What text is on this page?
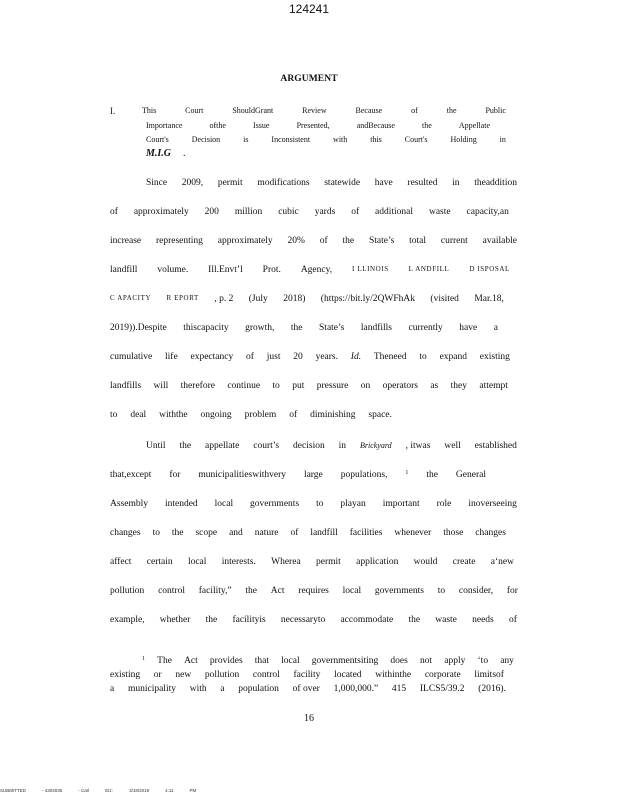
124241
ARGUMENT
I.	This	Court	ShouldGrant	Review	Because	of	the	Public
Importance	ofthe	Issue	Presented,	andBecause	the	Appellate
Court's	Decision	is	Inconsistent	with	this	Court's	Holding	in
M.I.G .
Since 2009, permit modifications statewide have resulted in theaddition
of approximately 200 million cubic yards of additional waste capacity,an
increase representing approximately 20% of the State’s total current available
landfill volume. Ill.Envt’l Prot. Agency,	I LLINOIS	L ANDFILL	D ISPOSAL
C APACITY R EPORT , p. 2 (July 2018) (https://bit.ly/2QWFhAk (visited Mar.18,
2019)).Despite thiscapacity growth, the State’s landfills currently have a
cumulative life expectancy of just 20 years. Id. Theneed to expand existing
landfills will therefore continue to put pressure on operators as they attempt
to deal withthe ongoing problem of diminishing space.
Until the appellate court’s decision in Brickyard , itwas well established
that,except for municipalitieswithvery large populations,	1 the General
Assembly intended local governments to playan important role inoverseeing
changes to the scope and nature of landfill facilities whenever those changes
affect certain local interests. Wherea permit application would create a‘new
pollution control facility,” the Act requires local governments to consider, for
example, whether the facilityis necessaryto accommodate the waste needs of
1 The Act provides that local governmentsiting does not apply ‘to any
existing or new pollution control facility located withinthe corporate limitsof
a municipality with a population of over 1,000,000.” 415 ILCS5/39.2 (2016).
16
SUBMITTED	- 4304035	- Carl	Etz:	3/18/2019	4:11	PM
